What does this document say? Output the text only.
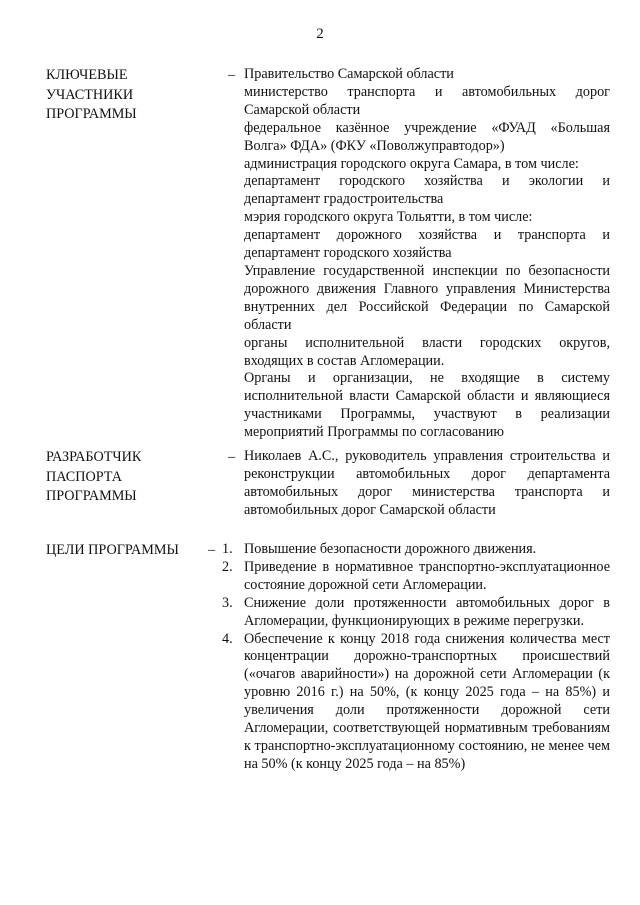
2
КЛЮЧЕВЫЕ
УЧАСТНИКИ
ПРОГРАММЫ
– Правительство Самарской области

министерство транспорта и автомобильных дорог Самарской области

федеральное казённое учреждение «ФУАД «Большая Волга» ФДА» (ФКУ «Поволжуправтодор»)

администрация городского округа Самара, в том числе:

департамент городского хозяйства и экологии и департамент градостроительства

мэрия городского округа Тольятти, в том числе:

департамент дорожного хозяйства и транспорта и департамент городского хозяйства

Управление государственной инспекции по безопасности дорожного движения Главного управления Министерства внутренних дел Российской Федерации по Самарской области

органы исполнительной власти городских округов, входящих в состав Агломерации.

Органы и организации, не входящие в систему исполнительной власти Самарской области и являющиеся участниками Программы, участвуют в реализации мероприятий Программы по согласованию

РАЗРАБОТЧИК
ПАСПОРТА
ПРОГРАММЫ
– Николаев А.С., руководитель управления строительства и реконструкции автомобильных дорог департамента автомобильных дорог министерства транспорта и автомобильных дорог Самарской области
ЦЕЛИ ПРОГРАММЫ	– 1. Повышение безопасности дорожного движения.
2. Приведение в нормативное транспортно-эксплуатационное состояние дорожной сети Агломерации.
3. Снижение доли протяженности автомобильных дорог в Агломерации, функционирующих в режиме перегрузки.
4. Обеспечение к концу 2018 года снижения количества мест концентрации дорожно-транспортных происшествий («очагов аварийности») на дорожной сети Агломерации (к уровню 2016 г.) на 50%, (к концу 2025 года – на 85%) и увеличения доли протяженности дорожной сети Агломерации, соответствующей нормативным требованиям к транспортно-эксплуатационному состоянию, не менее чем на 50% (к концу 2025 года – на 85%)
